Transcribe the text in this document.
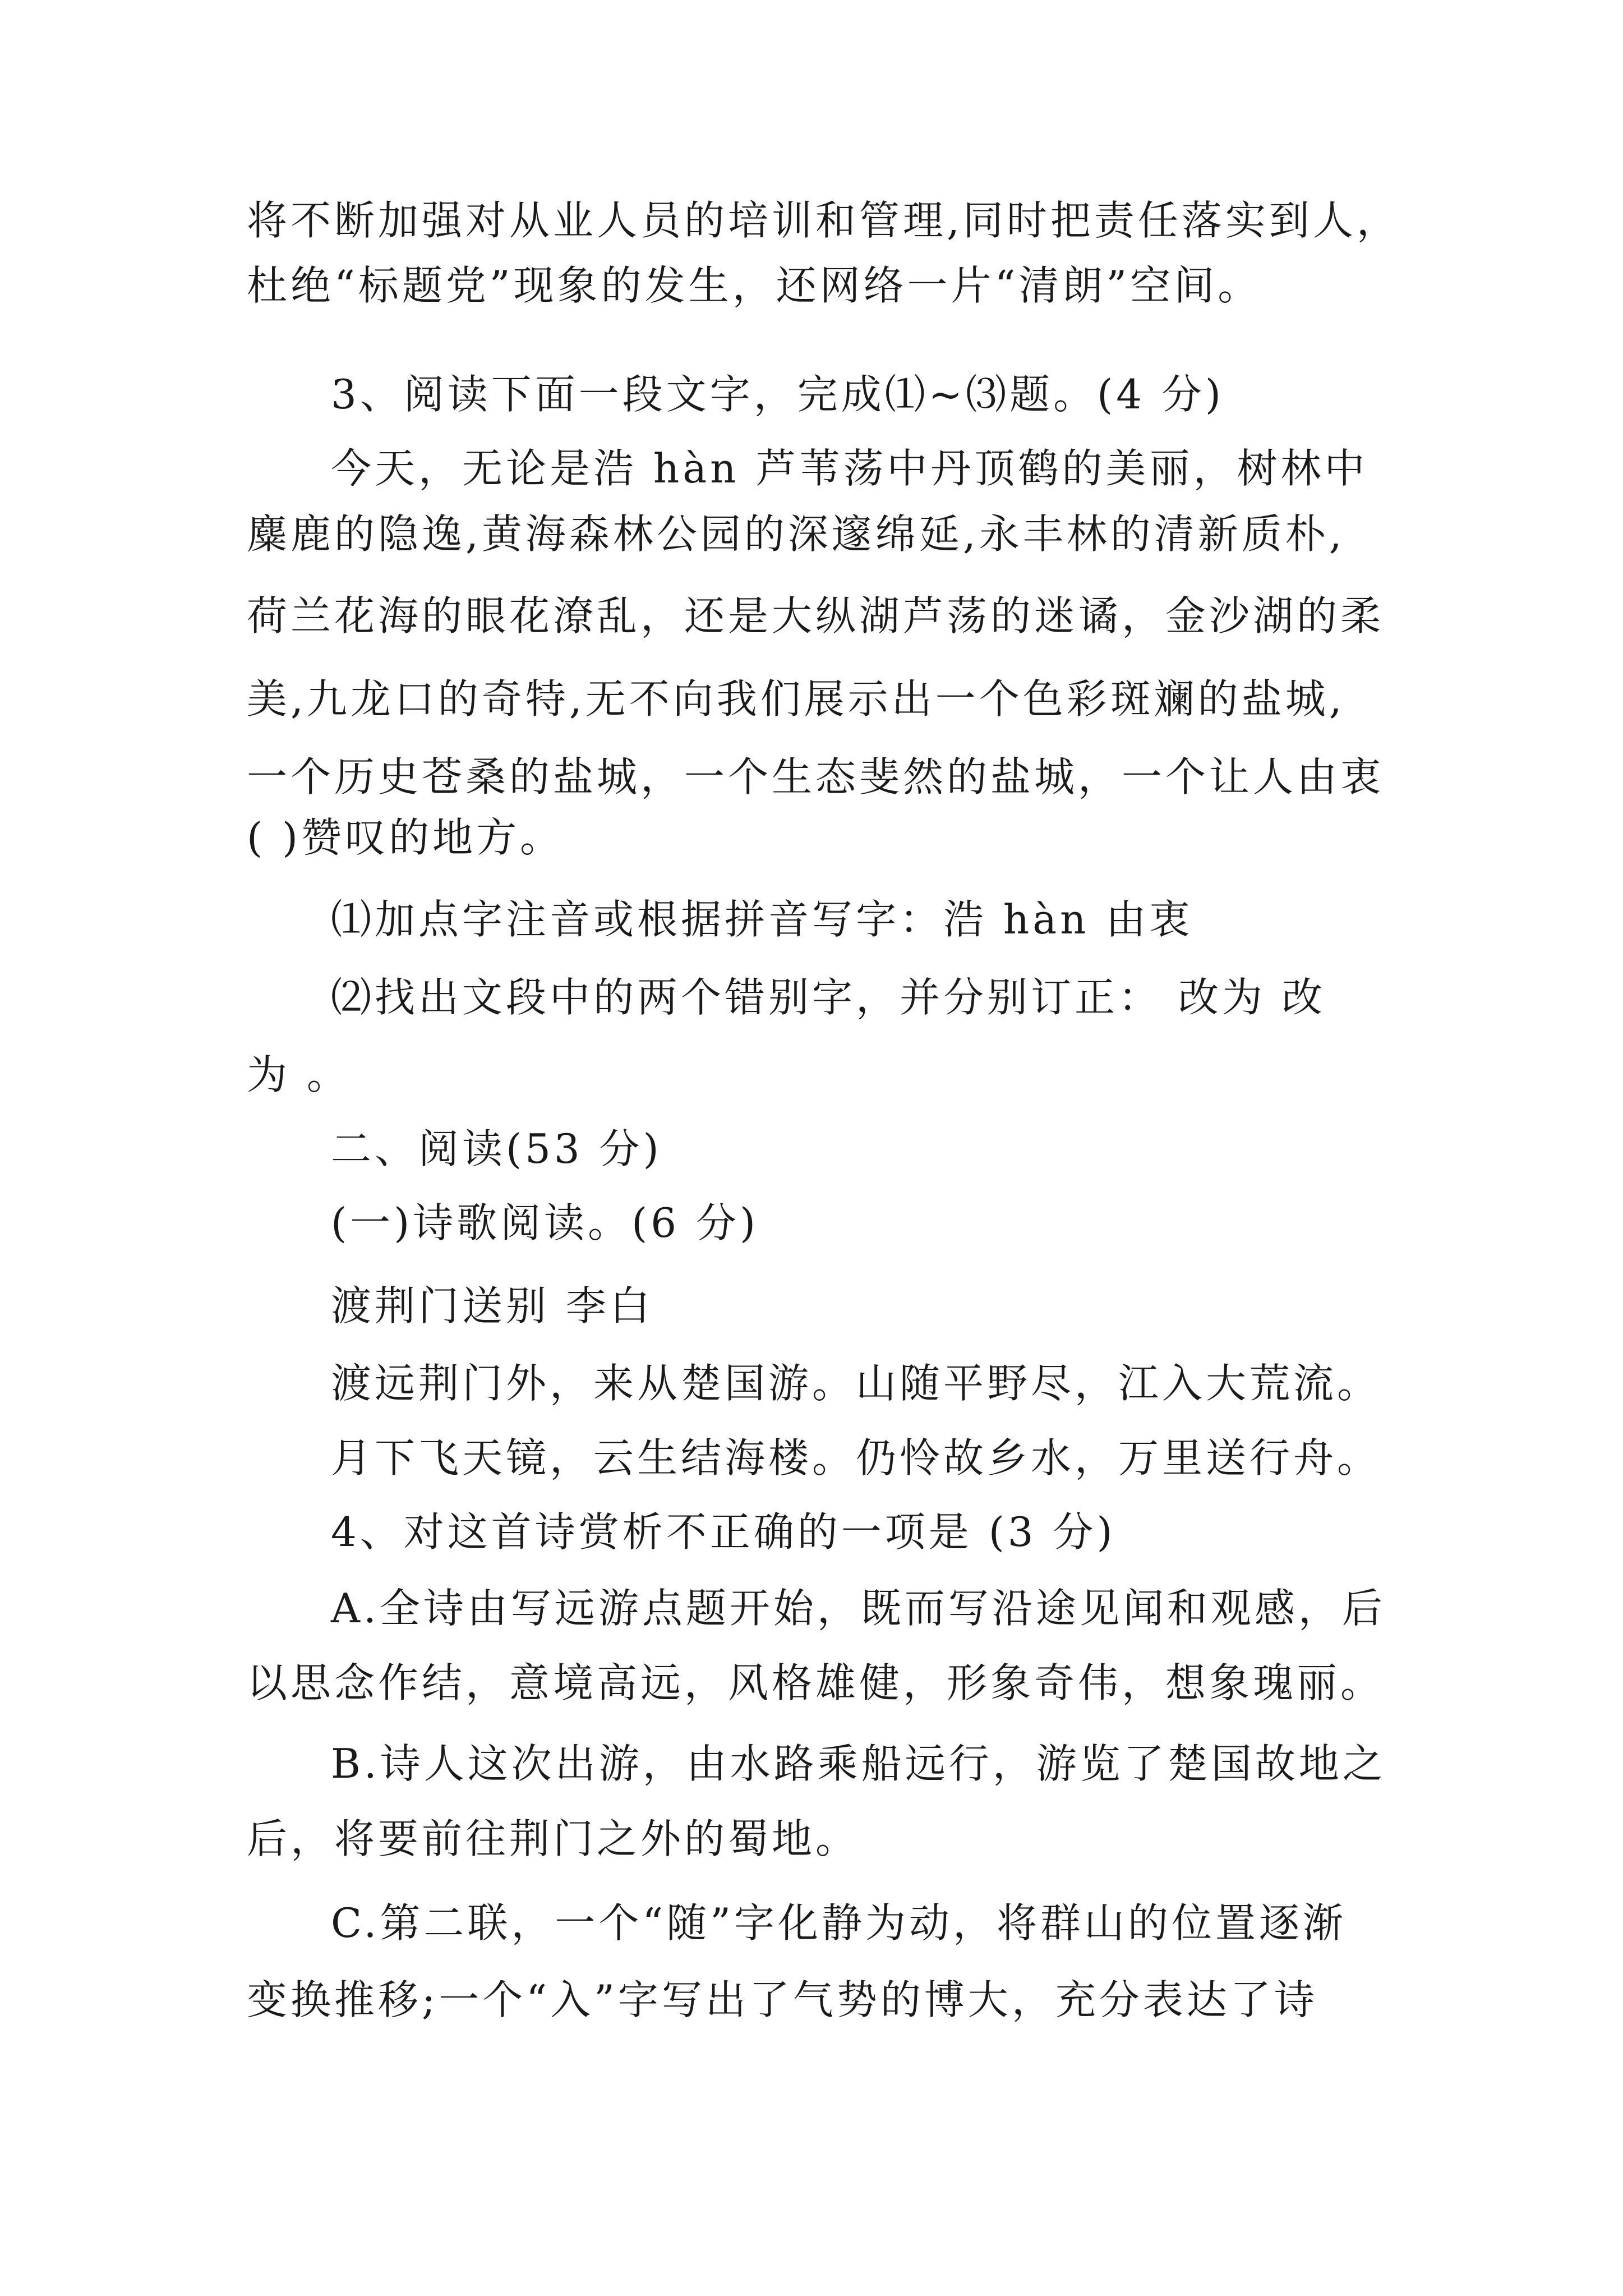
将不断加强对从业人员的培训和管理,同时把责任落实到人，
杜绝“标题党”现象的发生，还网络一片“清朗”空间。
3、阅读下面一段文字，完成⑴~⑶题。(4 分)
今天，无论是浩 hàn 芦苇荡中丹顶鹤的美丽，树林中
麋鹿的隐逸,黄海森林公园的深邃绵延,永丰林的清新质朴,
荷兰花海的眼花潦乱，还是大纵湖芦荡的迷谲，金沙湖的柔
美,九龙口的奇特,无不向我们展示出一个色彩斑斓的盐城,
一个历史苍桑的盐城，一个生态斐然的盐城，一个让人由衷
( )赞叹的地方。
⑴加点字注音或根据拼音写字：浩 hàn 由衷
⑵找出文段中的两个错别字，并分别订正： 改为 改
为 。
二、阅读(53 分)
(一)诗歌阅读。(6 分)
渡荆门送别 李白
渡远荆门外，来从楚国游。山随平野尽，江入大荒流。
月下飞天镜，云生结海楼。仍怜故乡水，万里送行舟。
4、对这首诗赏析不正确的一项是 (3 分)
A.全诗由写远游点题开始，既而写沿途见闻和观感，后
以思念作结，意境高远，风格雄健，形象奇伟，想象瑰丽。
B.诗人这次出游，由水路乘船远行，游览了楚国故地之
后，将要前往荆门之外的蜀地。
C.第二联，一个“随”字化静为动，将群山的位置逐渐
变换推移;一个“入”字写出了气势的博大，充分表达了诗
